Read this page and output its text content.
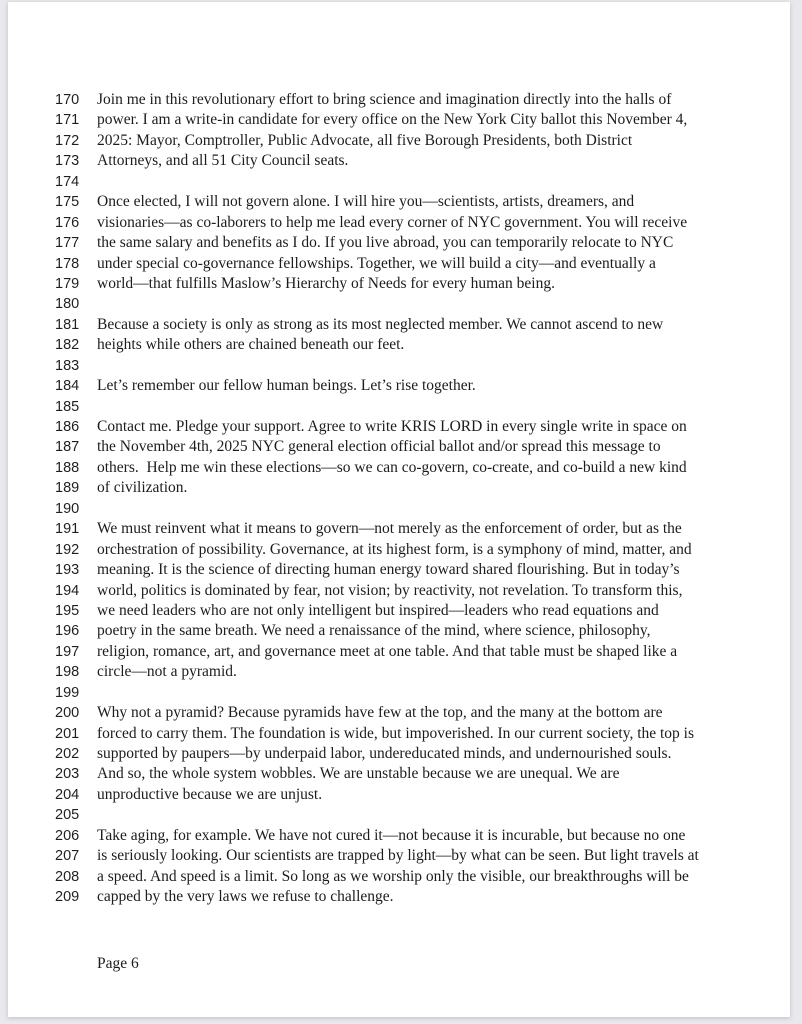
170	Join me in this revolutionary effort to bring science and imagination directly into the halls of
171	power. I am a write-in candidate for every office on the New York City ballot this November 4,
172	2025: Mayor, Comptroller, Public Advocate, all five Borough Presidents, both District
173	Attorneys, and all 51 City Council seats.
174
175	Once elected, I will not govern alone. I will hire you—scientists, artists, dreamers, and
176	visionaries—as co-laborers to help me lead every corner of NYC government. You will receive
177	the same salary and benefits as I do. If you live abroad, you can temporarily relocate to NYC
178	under special co-governance fellowships. Together, we will build a city—and eventually a
179	world—that fulfills Maslow’s Hierarchy of Needs for every human being.
180
181	Because a society is only as strong as its most neglected member. We cannot ascend to new
182	heights while others are chained beneath our feet.
183
184	Let’s remember our fellow human beings. Let’s rise together.
185
186	Contact me. Pledge your support. Agree to write KRIS LORD in every single write in space on
187	the November 4th, 2025 NYC general election official ballot and/or spread this message to
188	others.  Help me win these elections—so we can co-govern, co-create, and co-build a new kind
189	of civilization.
190
191	We must reinvent what it means to govern—not merely as the enforcement of order, but as the
192	orchestration of possibility. Governance, at its highest form, is a symphony of mind, matter, and
193	meaning. It is the science of directing human energy toward shared flourishing. But in today’s
194	world, politics is dominated by fear, not vision; by reactivity, not revelation. To transform this,
195	we need leaders who are not only intelligent but inspired—leaders who read equations and
196	poetry in the same breath. We need a renaissance of the mind, where science, philosophy,
197	religion, romance, art, and governance meet at one table. And that table must be shaped like a
198	circle—not a pyramid.
199
200	Why not a pyramid? Because pyramids have few at the top, and the many at the bottom are
201	forced to carry them. The foundation is wide, but impoverished. In our current society, the top is
202	supported by paupers—by underpaid labor, undereducated minds, and undernourished souls.
203	And so, the whole system wobbles. We are unstable because we are unequal. We are
204	unproductive because we are unjust.
205
206	Take aging, for example. We have not cured it—not because it is incurable, but because no one
207	is seriously looking. Our scientists are trapped by light—by what can be seen. But light travels at
208	a speed. And speed is a limit. So long as we worship only the visible, our breakthroughs will be
209	capped by the very laws we refuse to challenge.
Page 6
